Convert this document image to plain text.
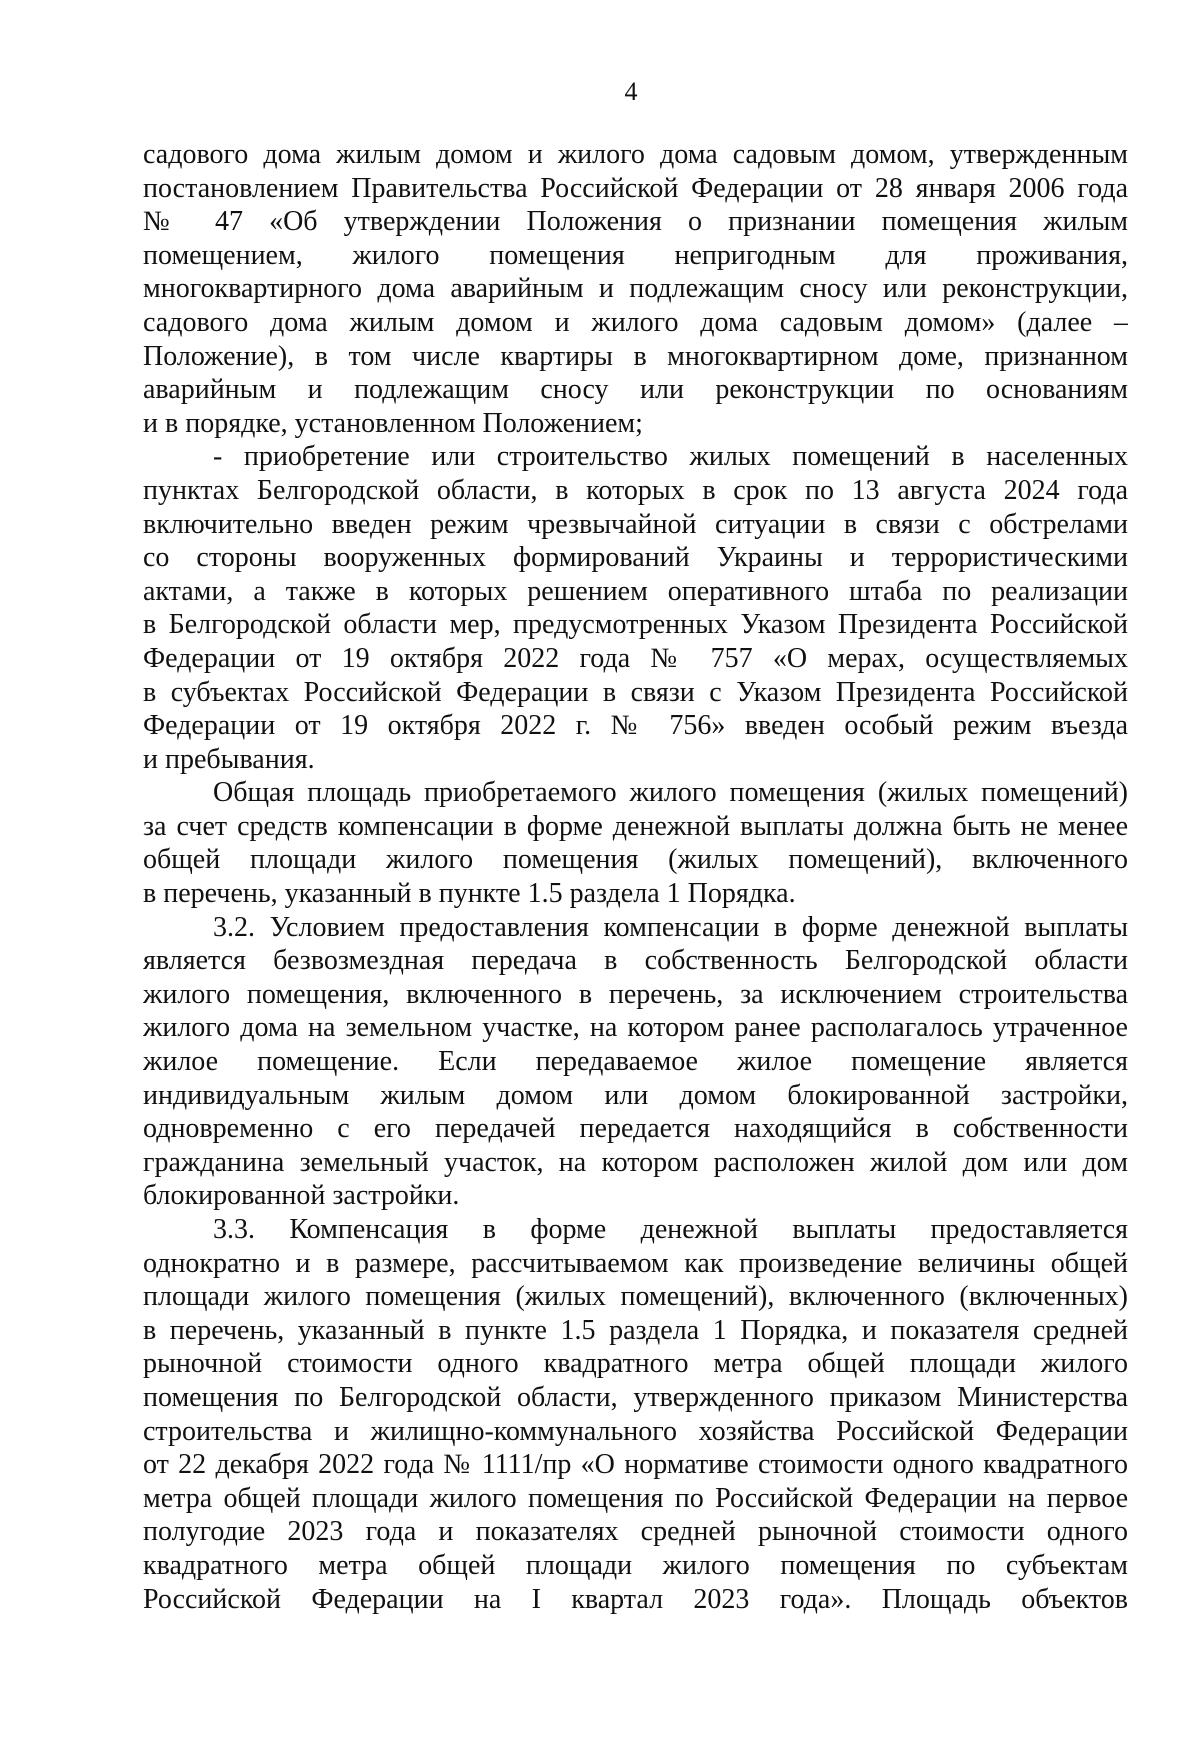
4
садового дома жилым домом и жилого дома садовым домом, утвержденным
постановлением Правительства Российской Федерации от 28 января 2006 года
№ 47 «Об утверждении Положения о признании помещения жилым
помещением, жилого помещения непригодным для проживания,
многоквартирного дома аварийным и подлежащим сносу или реконструкции,
садового дома жилым домом и жилого дома садовым домом» (далее –
Положение), в том числе квартиры в многоквартирном доме, признанном
аварийным и подлежащим сносу или реконструкции по основаниям
и в порядке, установленном Положением;
- приобретение или строительство жилых помещений в населенных
пунктах Белгородской области, в которых в срок по 13 августа 2024 года
включительно введен режим чрезвычайной ситуации в связи с обстрелами
со стороны вооруженных формирований Украины и террористическими
актами, а также в которых решением оперативного штаба по реализации
в Белгородской области мер, предусмотренных Указом Президента Российской
Федерации от 19 октября 2022 года № 757 «О мерах, осуществляемых
в субъектах Российской Федерации в связи с Указом Президента Российской
Федерации от 19 октября 2022 г. № 756» введен особый режим въезда
и пребывания.
Общая площадь приобретаемого жилого помещения (жилых помещений)
за счет средств компенсации в форме денежной выплаты должна быть не менее
общей площади жилого помещения (жилых помещений), включенного
в перечень, указанный в пункте 1.5 раздела 1 Порядка.
3.2. Условием предоставления компенсации в форме денежной выплаты
является безвозмездная передача в собственность Белгородской области
жилого помещения, включенного в перечень, за исключением строительства
жилого дома на земельном участке, на котором ранее располагалось утраченное
жилое помещение. Если передаваемое жилое помещение является
индивидуальным жилым домом или домом блокированной застройки,
одновременно с его передачей передается находящийся в собственности
гражданина земельный участок, на котором расположен жилой дом или дом
блокированной застройки.
3.3. Компенсация в форме денежной выплаты предоставляется
однократно и в размере, рассчитываемом как произведение величины общей
площади жилого помещения (жилых помещений), включенного (включенных)
в перечень, указанный в пункте 1.5 раздела 1 Порядка, и показателя средней
рыночной стоимости одного квадратного метра общей площади жилого
помещения по Белгородской области, утвержденного приказом Министерства
строительства и жилищно-коммунального хозяйства Российской Федерации
от 22 декабря 2022 года № 1111/пр «О нормативе стоимости одного квадратного
метра общей площади жилого помещения по Российской Федерации на первое
полугодие 2023 года и показателях средней рыночной стоимости одного
квадратного метра общей площади жилого помещения по субъектам
Российской Федерации на I квартал 2023 года». Площадь объектов
